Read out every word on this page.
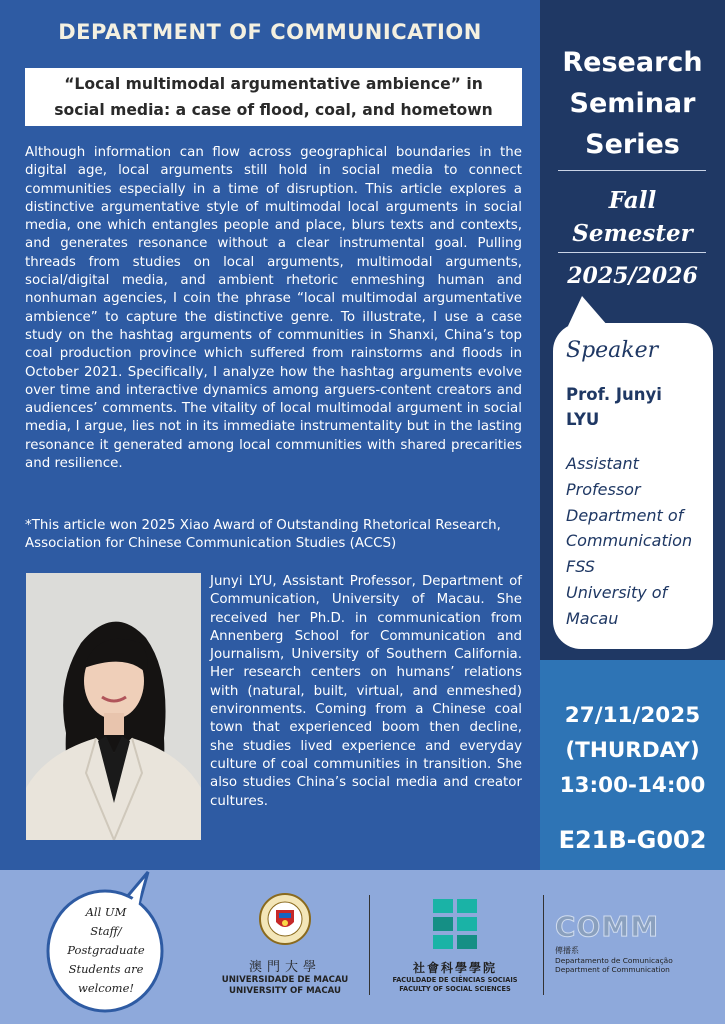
DEPARTMENT OF COMMUNICATION
“Local multimodal argumentative ambience” in
social media: a case of flood, coal, and hometown

Although information can flow across geographical boundaries in the digital age, local arguments still hold in social media to connect communities especially in a time of disruption. This article explores a distinctive argumentative style of multimodal local arguments in social media, one which entangles people and place, blurs texts and contexts, and generates resonance without a clear instrumental goal. Pulling threads from studies on local arguments, multimodal arguments, social/digital media, and ambient rhetoric enmeshing human and nonhuman agencies, I coin the phrase “local multimodal argumentative ambience” to capture the distinctive genre. To illustrate, I use a case study on the hashtag arguments of communities in Shanxi, China’s top coal production province which suffered from rainstorms and floods in October 2021. Specifically, I analyze how the hashtag arguments evolve over time and interactive dynamics among arguers-content creators and audiences’ comments. The vitality of local multimodal argument in social media, I argue, lies not in its immediate instrumentality but in the lasting resonance it generated among local communities with shared precarities and resilience.

*This article won 2025 Xiao Award of Outstanding Rhetorical Research, Association for Chinese Communication Studies (ACCS)

Junyi LYU, Assistant Professor, Department of Communication, University of Macau. She received her Ph.D. in communication from Annenberg School for Communication and Journalism, University of Southern California. Her research centers on humans’ relations with (natural, built, virtual, and enmeshed) environments. Coming from a Chinese coal town that experienced boom then decline, she studies lived experience and everyday culture of coal communities in transition. She also studies China’s social media and creator cultures.

Research
Seminar
Series
Fall
Semester
2025/2026
Speaker
Prof. Junyi
LYU
Assistant
Professor
Department of
Communication
FSS
University of
Macau
27/11/2025
(THURDAY)
13:00-14:00
E21B-G002
All UM
Staff/
Postgraduate
Students are
welcome!
澳門大學
UNIVERSIDADE DE MACAU
UNIVERSITY OF MACAU
社會科學學院
FACULDADE DE CIÊNCIAS SOCIAIS
FACULTY OF SOCIAL SCIENCES
COMM
傳播系
Departamento de Comunicação
Department of Communication
